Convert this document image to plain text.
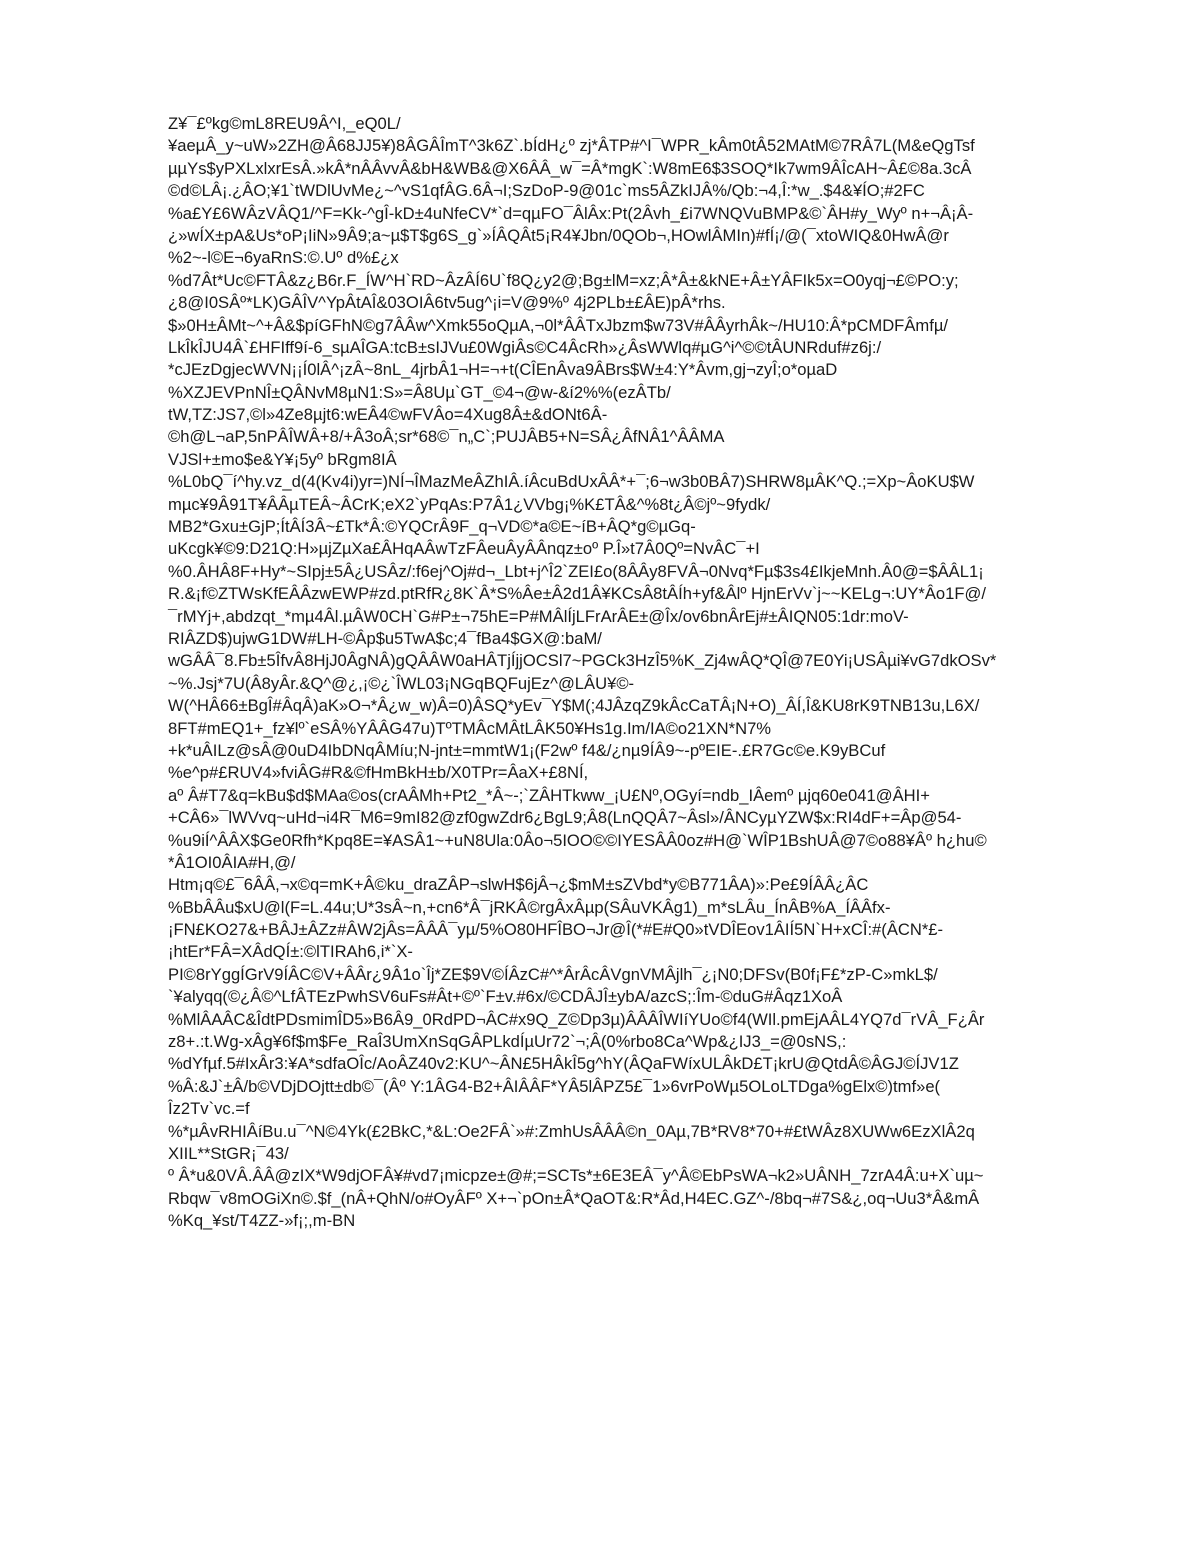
Z¥¯£ºkg©mL8REU9Â^I,_eQ0L/
¥aeµÂ_y~uW»2ZH@Â68JJ5¥)8ÂGÂÎmT^3k6Z`.bÍdH¿º zj*ÂTP#^I¯WPR_kÂm0tÂ52MAtM©7RÂ7L(M&eQgTsf
µµYs$yPXLxlxrEsÂ.»kÂ*nÂÂvvÂ&bH&WB&@X6ÂÂ_w¯=Â*mgK`:W8mE6$3SOQ*Ik7wm9ÂÎcAH~Â£©8a.3cÂ
©d©LÂ¡.¿ÂO;¥1`tWDlUvMe¿~^vS1qfÂG.6Â¬I;SzDoP-9@01c`ms5ÂZkIJÂ%/Qb:¬4,Î:*w_.$4&¥ÍO;#2FC
%a£Y£6WÂzVÂQ1/^F=Kk-^gÎ-kD±4uNfeCV*`d=qµFO¯ÂlÂx:Pt(2Âvh_£i7WNQVuBMP&©`ÂH#y_Wyº n+¬Â¡Â-
¿»wÍX±pA&Us*oP¡IiN»9Â9;a~µ$T$g6S_g`»ÍÂQÂt5¡R4¥Jbn/0QOb¬,HOwlÂMIn)#fÍ¡/@(¯xtoWIQ&0HwÂ@r
%2~-l©E¬6yaRnS:©.Uº d%£¿x
%d7Ât*Uc©FTÂ&z¿B6r.F_ÍW^H`RD~ÂzÂÍ6U`f8Q¿y2@;Bg±lM=xz;Â*Â±&kNE+Â±YÂFIk5x=O0yqj¬£©PO:y;
¿8@I0SÂº*LK)GÂÎV^YpÂtAÎ&03OIÂ6tv5ug^¡i=V@9%º 4j2PLb±£ÂE)pÂ*rhs.
$»0H±ÂMt~^+Â&$píGFhN©g7ÂÂw^Xmk55oQµA,¬0l*ÂÂTxJbzm$w73V#ÂÂyrhÂk~/HU10:Â*pCMDFÂmfµ/
LkÎkÎJU4Â`£HFIff9í-6_sµAÎGA:tcB±sIJVu£0WgiÂs©C4ÂcRh»¿ÂsWWlq#µG^i^©©tÂUNRduf#z6j:/
*cJEzDgjecWVN¡¡Í0lÂ^¡zÂ~8nL_4jrbÂ1¬H=¬+t(CÎEnÂva9ÂBrs$W±4:Y*Âvm,gj¬zyÎ;o*oµaD
%XZJEVPnNÎ±QÂNvM8µN1:S»=Â8Uµ`GT_©4¬@w-&í2%%(ezÂTb/
tW,TZ:JS7,©l»4Ze8µjt6:wEÂ4©wFVÂo=4Xug8Â±&dONt6Â-
©h@L¬aP,5nPÂÎWÂ+8/+Â3oÂ;sr*68©¯n„C`;PUJÂB5+N=SÂ¿ÂfNÂ1^ÂÂMA
VJSl+±mo$e&Y¥¡5yº bRgm8IÂ
%L0bQ¯í^hy.vz_d(4(Kv4i)yr=)NÍ¬ÎMazMeÂZhIÂ.íÂcuBdUxÂÂ*+¯;6¬w3b0BÂ7)SHRW8µÂK^Q.;=Xp~ÂoKU$W
mµc¥9Â91T¥ÂÂµTEÂ~ÂCrK;eX2`yPqAs:P7Â1¿VVbg¡%K£TÂ&^%8t¿Â©jº~9fydk/
MB2*Gxu±GjP;ÍtÂÍ3Â~£Tk*Â:©YQCrÂ9F_q¬VD©*a©E~íB+ÂQ*g©µGq-
uKcgk¥©9:D21Q:H»µjZµXa£ÂHqAÂwTzFÂeuÂyÂÂnqz±oº P.Î»t7Â0Qº=NvÂC¯+I
%0.ÂHÂ8F+Hy*~SIpj±5Â¿USÂz/:f6ej^Oj#d¬_Lbt+j^Î2`ZEI£o(8ÂÂy8FVÂ¬0Nvq*Fµ$3s4£IkjeMnh.Â0@=$ÂÂL1¡
R.&¡f©ZTWsKfEÂÂzwEWP#zd.ptRfR¿8K`Â*S%Âe±Â2d1Â¥KCsÂ8tÂÍh+yf&Âlº HjnErVv`j~~KELg¬:UY*Âo1F@/
¯rMYj+,abdzqt_*mµ4Âl.µÂW0CH`G#P±¬75hE=P#MÂlÍjLFrArÂE±@Îx/ov6bnÂrEj#±ÂIQN05:1dr:moV-
RIÂZD$)ujwG1DW#LH-©Âp$u5TwA$c;4¯fBa4$GX@:baM/
wGÂÂ¯8.Fb±5ÎfvÂ8HjJ0ÂgNÂ)gQÂÂW0aHÂTjÍjjOCSl7~PGCk3HzÎ5%K_Zj4wÂQ*QÎ@7E0Yi¡USÂµi¥vG7dkOSv*
~%.Jsj*7U(Â8yÂr.&Q^@¿,¡©¿`ÎWL03¡NGqBQFujEz^@LÂU¥©-
W(^HÂ66±BgÎ#ÂqÂ)aK»O¬*Â¿w_w)Â=0)ÂSQ*yEv¯Y$M(;4JÂzqZ9kÂcCaTÂ¡N+O)_ÂÍ,Î&KU8rK9TNB13u,L6X/
8FT#mEQ1+_fz¥lº`eSÂ%YÂÂG47u)TºTMÂcMÂtLÂK50¥Hs1g.Im/IA©o21XN*N7%
+k*uÂILz@sÂ@0uD4IbDNqÂMíu;N-jnt±=mmtW1¡(F2wº f4&/¿nµ9ÍÂ9~-pºEIE-.£R7Gc©e.K9yBCuf
%e^p#£RUV4»fviÂG#R&©fHmBkH±b/X0TPr=ÂaX+£8NÍ,
aº Â#T7&q=kBu$d$MAa©os(crAÂMh+Pt2_*Â~-;`ZÂHTkww_¡U£Nº,OGyí=ndb_IÂemº µjq60e041@ÂHI+
+CÂ6»¯lWVvq~uHd¬i4R¯M6=9mI82@zf0gwZdr6¿BgL9;Â8(LnQQÂ7~Âsl»/ÂNCyµYZW$x:RI4dF+=Âp@54-
%u9iÍ^ÂÂX$Ge0Rfh*Kpq8E=¥ASÂ1~+uN8Ula:0Âo¬5IOO©©IYESÂÂ0oz#H@`WÎP1BshUÂ@7©o88¥Âº h¿hu©
*Â1OI0ÂIA#H,@/
Htm¡q©£¯6ÂÂ,¬x©q=mK+Â©ku_draZÂP¬slwH$6jÂ¬¿$mM±sZVbd*y©B771ÂA)»:Pe£9ÍÂÂ¿ÂC
%BbÂÂu$xU@l(F=L.44u;U*3sÂ~n,+cn6*Â¯jRKÂ©rgÂxÂµp(SÂuVKÂg1)_m*sLÂu_ÍnÂB%A_ÍÂÂfx-
¡FN£KO27&+BÂJ±ÂZz#ÂW2jÂs=ÂÂÂ¯yµ/5%O80HFÎBO¬Jr@Î(*#E#Q0»tVDÎEov1ÂIÍ5N`H+xCÎ:#(ÂCN*£-
¡htEr*FÂ=XÂdQÍ±:©lTIRAh6,i*`X-
PI©8rYggÍGrV9ÍÂC©V+ÂÂr¿9Â1o`Îj*ZE$9V©ÍÂzC#^*ÂrÂcÂVgnVMÂjlh¯¿¡N0;DFSv(B0f¡F£*zP-C»mkL$/
`¥alyqq(©¿Â©^LfÂTEzPwhSV6uFs#Ât+©º`F±v.#6x/©CDÂJÎ±ybA/azcS;:Îm-©duG#Âqz1XoÂ
%MlÂAÂC&ÎdtPDsmimÎD5»B6Â9_0RdPD¬ÂC#x9Q_Z©Dp3µ)ÂÂÂÎWIíYUo©f4(WIl.pmEjAÂL4YQ7d¯rVÂ_F¿Âr
z8+.:t.Wg-xÂg¥6f$m$Fe_RaÎ3UmXnSqGÂPLkdÍµUr72`¬;Â(0%rbo8Ca^Wp&¿IJ3_=@0sNS,:
%dYfµf.5#IxÂr3:¥A*sdfaOÎc/AoÂZ40v2:KU^~ÂN£5HÂkÎ5g^hY(ÂQaFWíxULÂkD£T¡krU@QtdÂ©ÂGJ©ÍJV1Z
%Â:&J`±Â/b©VDjDOjtt±db©¯(Âº Y:1ÂG4-B2+ÂIÂÂF*YÂ5lÂPZ5£¯1»6vrPoWµ5OLoLTDga%gElx©)tmf»e(
Îz2Tv`vc.=f
%*µÂvRHIÂíBu.u¯^N©4Yk(£2BkC,*&L:Oe2FÂ`»#:ZmhUsÂÂÂ©n_0Aµ,7B*RV8*70+#£tWÂz8XUWw6EzXlÂ2q
XIIL**StGR¡¯43/
º Â*u&0VÂ.ÂÂ@zIX*W9djOFÂ¥#vd7¡micpze±@#;=SCTs*±6E3EÂ¯y^Â©EbPsWA¬k2»UÂNH_7zrA4Â:u+X`uµ~
Rbqw¯v8mOGiXn©.$f_(nÂ+QhN/o#OyÂFº X+¬`pOn±Â*QaOT&:R*Âd,H4EC.GZ^-/8bq¬#7S&¿,oq¬Uu3*Â&mÂ
%Kq_¥st/T4ZZ-»f¡;,m-BN
